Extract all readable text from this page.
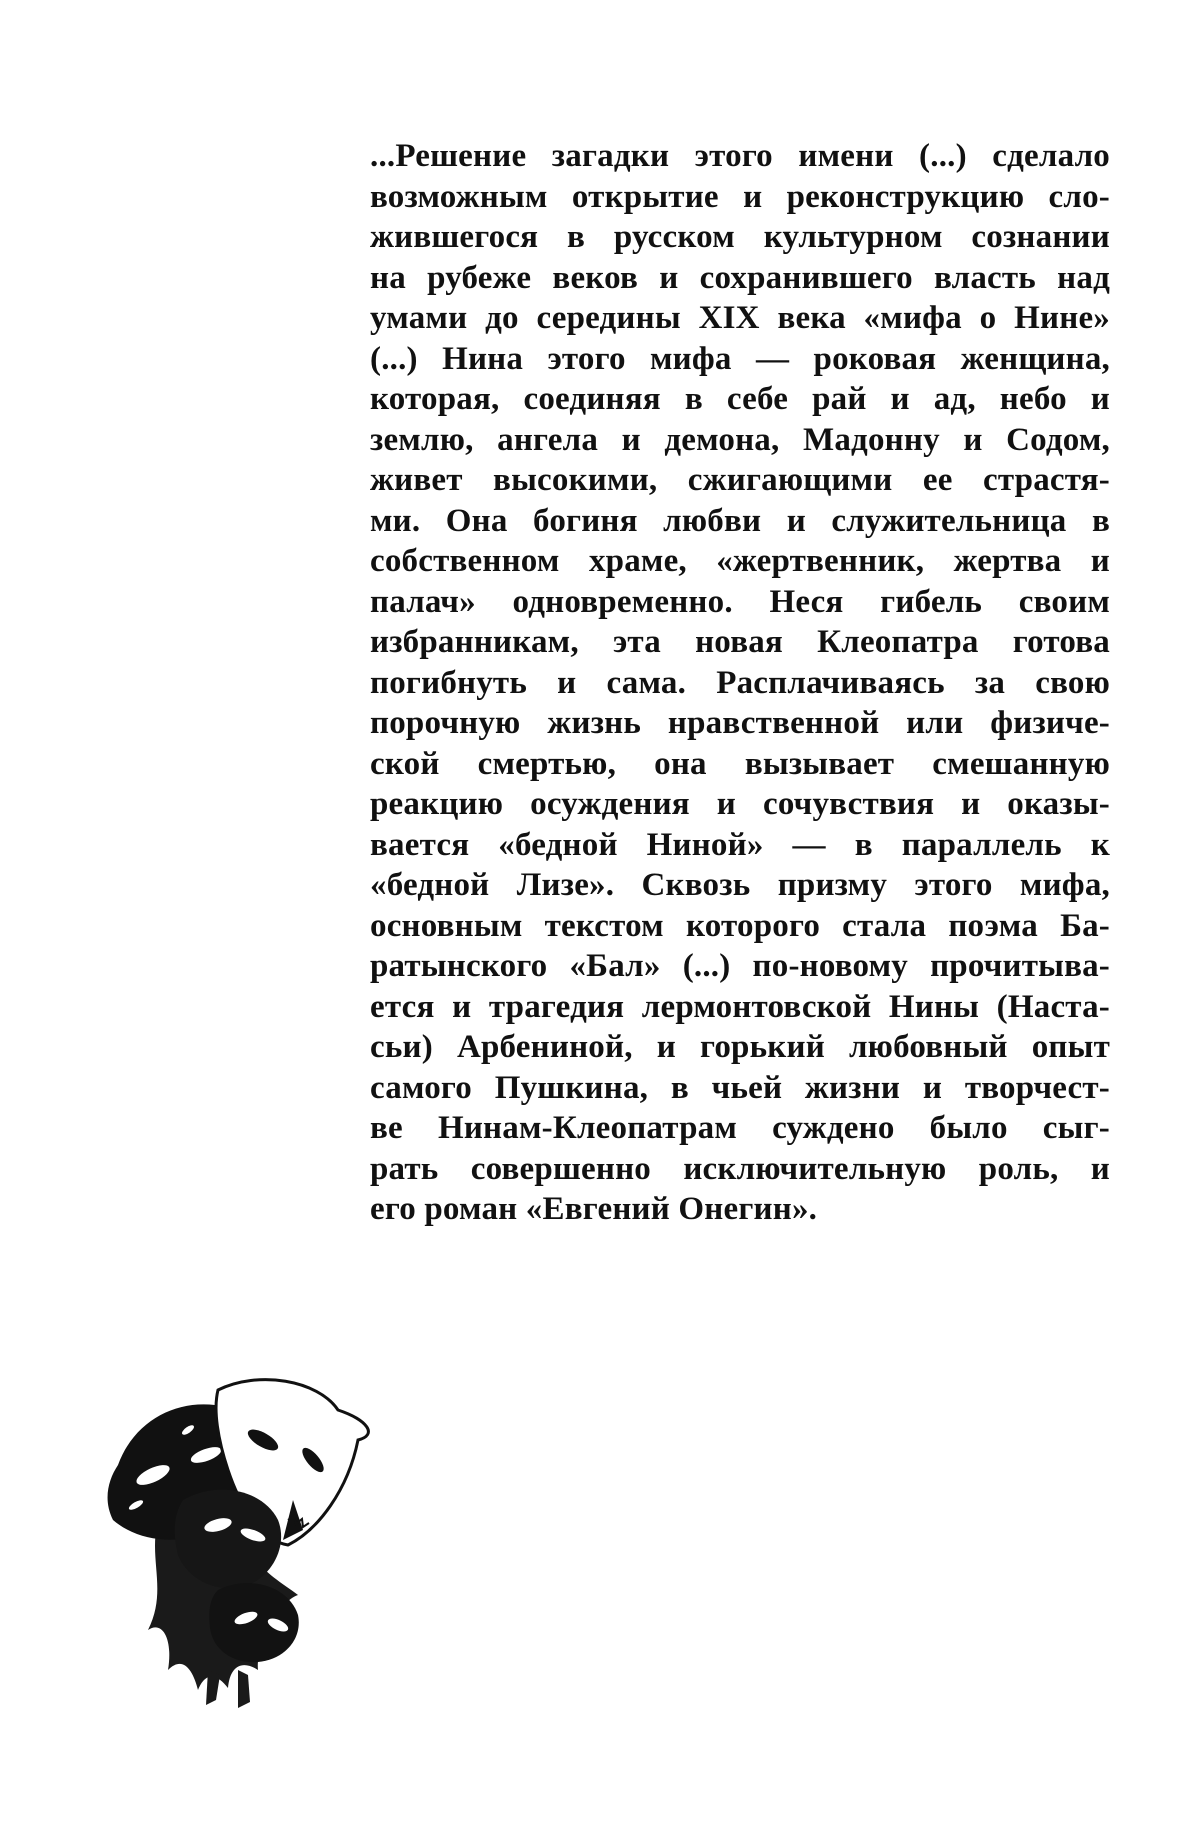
...Решение загадки этого имени (...) сделало
возможным открытие и реконструкцию сло-
жившегося в русском культурном сознании
на рубеже веков и сохранившего власть над
умами до середины XIX века «мифа о Нине»
(...) Нина этого мифа — роковая женщина,
которая, соединяя в себе рай и ад, небо и
землю, ангела и демона, Мадонну и Содом,
живет высокими, сжигающими ее страстя-
ми. Она богиня любви и служительница в
собственном храме, «жертвенник, жертва и
палач» одновременно. Неся гибель своим
избранникам, эта новая Клеопатра готова
погибнуть и сама. Расплачиваясь за свою
порочную жизнь нравственной или физиче-
ской смертью, она вызывает смешанную
реакцию осуждения и сочувствия и оказы-
вается «бедной Ниной» — в параллель к
«бедной Лизе». Сквозь призму этого мифа,
основным текстом которого стала поэма Ба-
ратынского «Бал» (...) по-новому прочитыва-
ется и трагедия лермонтовской Нины (Наста-
сьи) Арбениной, и горький любовный опыт
самого Пушкина, в чьей жизни и творчест-
ве Нинам-Клеопатрам суждено было сыг-
рать совершенно исключительную роль, и
его роман «Евгений Онегин».
